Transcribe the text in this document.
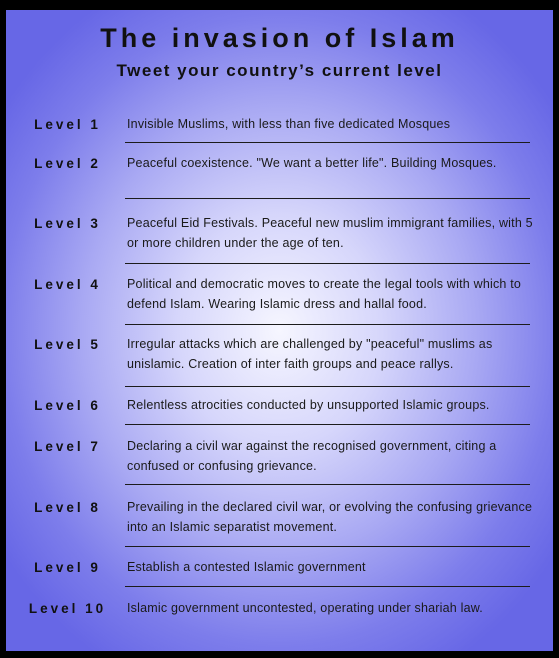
The invasion of Islam
Tweet your country’s current level
Level 1	Invisible Muslims, with less than five dedicated Mosques
Level 2	Peaceful coexistence. "We want a better life". Building Mosques.
Level 3	Peaceful Eid Festivals. Peaceful new muslim immigrant families, with 5 or more children under the age of ten.
Level 4	Political and democratic moves to create the legal tools with which to defend Islam. Wearing Islamic dress and hallal food.
Level 5	Irregular attacks which are challenged by "peaceful" muslims as unislamic. Creation of inter faith groups and peace rallys.
Level 6	Relentless atrocities conducted by unsupported Islamic groups.
Level 7	Declaring a civil war against the recognised government, citing a confused or confusing grievance.
Level 8	Prevailing in the declared civil war, or evolving the confusing grievance into an Islamic separatist movement.
Level 9	Establish a contested Islamic government
Level 10	Islamic government uncontested, operating under shariah law.
